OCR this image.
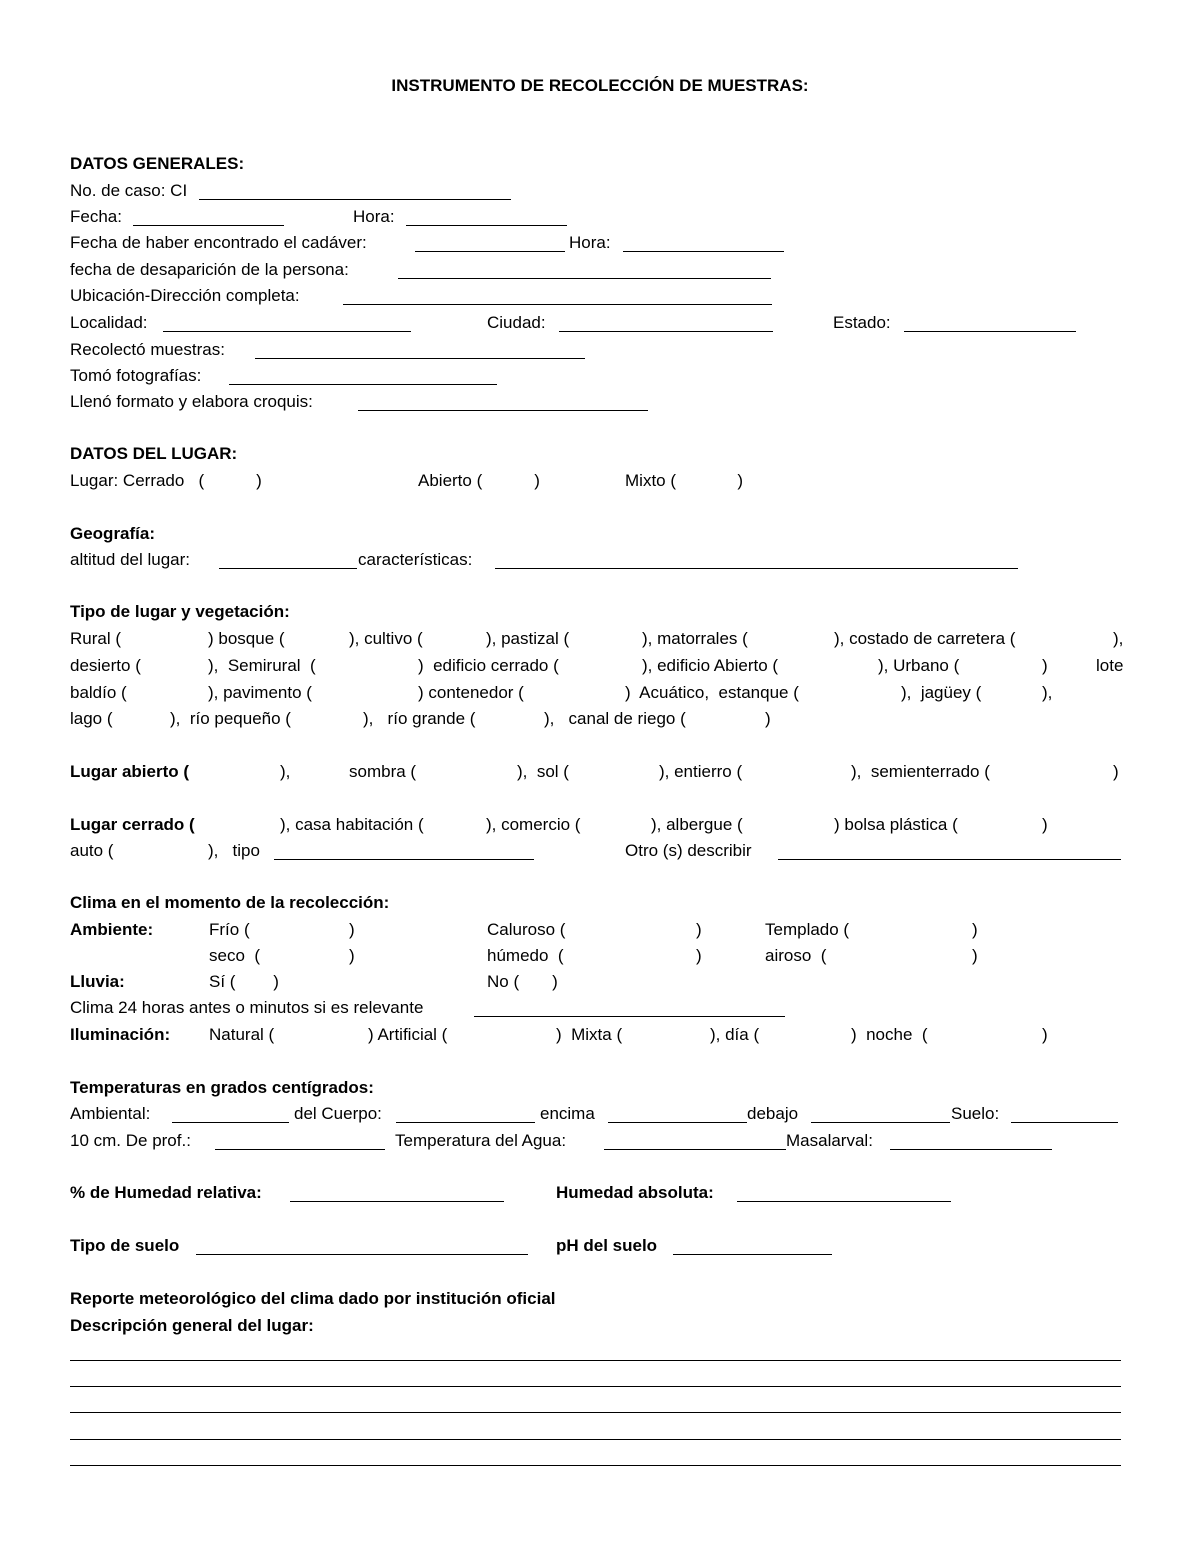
INSTRUMENTO DE RECOLECCIÓN DE MUESTRAS:
DATOS GENERALES:
No. de caso: CI
Fecha:	Hora:
Fecha de haber encontrado el cadáver:	Hora:
fecha de desaparición de la persona:
Ubicación-Dirección completa:
Localidad:	Ciudad:	Estado:
Recolectó muestras:
Tomó fotografías:
Llenó formato y elabora croquis:
DATOS DEL LUGAR:
Lugar: Cerrado   (           )	Abierto (           )	Mixto (             )
Geografía:
altitud del lugar:	características:
Tipo de lugar y vegetación:
Rural (	) bosque (	), cultivo (	), pastizal (	), matorrales (	), costado de carretera (	),
desierto (	),  Semirural  (	)  edificio cerrado (	), edificio Abierto (	), Urbano (	)	lote
baldío (	), pavimento (	) contenedor (	)  Acuático,  estanque (	),  jagüey (	),
lago (	),  río pequeño (	),   río grande (	),   canal de riego (	)
Lugar abierto (	),	sombra (	),  sol (	), entierro (	),  semienterrado (	)
Lugar cerrado (	), casa habitación (	), comercio (	), albergue (	) bolsa plástica (	)
auto (	),   tipo	Otro (s) describir
Clima en el momento de la recolección:
Ambiente:	Frío (	)	Caluroso (	)	Templado (	)
seco  (	)	húmedo  (	)	airoso  (	)
Lluvia:	Sí (        )	No (       )
Clima 24 horas antes o minutos si es relevante
Iluminación: Natural (	) Artificial (	)  Mixta (	), día (	)  noche  (	)
Temperaturas en grados centígrados:
Ambiental:	del Cuerpo:	encima	debajo	Suelo:
10 cm. De prof.:	Temperatura del Agua:	Masalarval:
% de Humedad relativa:	Humedad absoluta:
Tipo de suelo	pH del suelo
Reporte meteorológico del clima dado por institución oficial
Descripción general del lugar:
